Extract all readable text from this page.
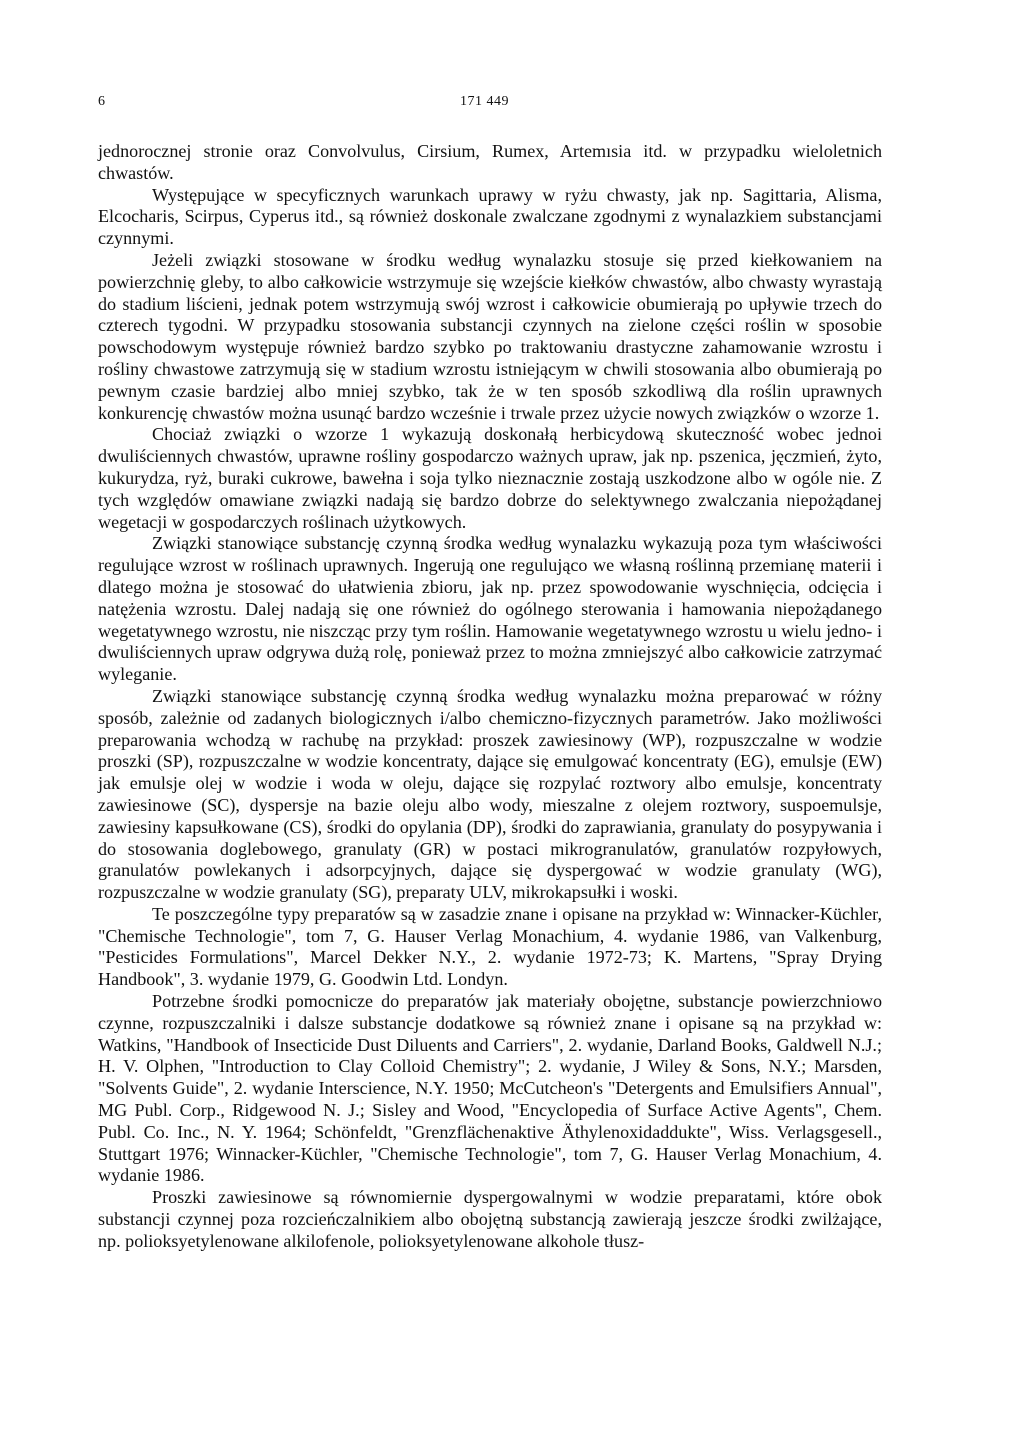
6	171 449

jednorocznej stronie oraz Convolvulus, Cirsium, Rumex, Artemısia itd. w przypadku wieloletnich chwastów.

Występujące w specyficznych warunkach uprawy w ryżu chwasty, jak np. Sagittaria, Alisma, Elcocharis, Scirpus, Cyperus itd., są również doskonale zwalczane zgodnymi z wynalazkiem substancjami czynnymi.

Jeżeli związki stosowane w środku według wynalazku stosuje się przed kiełkowaniem na powierzchnię gleby, to albo całkowicie wstrzymuje się wzejście kiełków chwastów, albo chwasty wyrastają do stadium liścieni, jednak potem wstrzymują swój wzrost i całkowicie obumierają po upływie trzech do czterech tygodni. W przypadku stosowania substancji czynnych na zielone części roślin w sposobie powschodowym występuje również bardzo szybko po traktowaniu drastyczne zahamowanie wzrostu i rośliny chwastowe zatrzymują się w stadium wzrostu istniejącym w chwili stosowania albo obumierają po pewnym czasie bardziej albo mniej szybko, tak że w ten sposób szkodliwą dla roślin uprawnych konkurencję chwastów można usunąć bardzo wcześnie i trwale przez użycie nowych związków o wzorze 1.

Chociaż związki o wzorze 1 wykazują doskonałą herbicydową skuteczność wobec jednoi dwuliściennych chwastów, uprawne rośliny gospodarczo ważnych upraw, jak np. pszenica, jęczmień, żyto, kukurydza, ryż, buraki cukrowe, bawełna i soja tylko nieznacznie zostają uszkodzone albo w ogóle nie. Z tych względów omawiane związki nadają się bardzo dobrze do selektywnego zwalczania niepożądanej wegetacji w gospodarczych roślinach użytkowych.

Związki stanowiące substancję czynną środka według wynalazku wykazują poza tym właściwości regulujące wzrost w roślinach uprawnych. Ingerują one regulująco we własną roślinną przemianę materii i dlatego można je stosować do ułatwienia zbioru, jak np. przez spowodowanie wyschnięcia, odcięcia i natężenia wzrostu. Dalej nadają się one również do ogólnego sterowania i hamowania niepożądanego wegetatywnego wzrostu, nie niszcząc przy tym roślin. Hamowanie wegetatywnego wzrostu u wielu jedno- i dwuliściennych upraw odgrywa dużą rolę, ponieważ przez to można zmniejszyć albo całkowicie zatrzymać wyleganie.

Związki stanowiące substancję czynną środka według wynalazku można preparować w różny sposób, zależnie od zadanych biologicznych i/albo chemiczno-fizycznych parametrów. Jako możliwości preparowania wchodzą w rachubę na przykład: proszek zawiesinowy (WP), rozpuszczalne w wodzie proszki (SP), rozpuszczalne w wodzie koncentraty, dające się emulgować koncentraty (EG), emulsje (EW) jak emulsje olej w wodzie i woda w oleju, dające się rozpylać roztwory albo emulsje, koncentraty zawiesinowe (SC), dyspersje na bazie oleju albo wody, mieszalne z olejem roztwory, suspoemulsje, zawiesiny kapsułkowane (CS), środki do opylania (DP), środki do zaprawiania, granulaty do posypywania i do stosowania doglebowego, granulaty (GR) w postaci mikrogranulatów, granulatów rozpyłowych, granulatów powlekanych i adsorpcyjnych, dające się dyspergować w wodzie granulaty (WG), rozpuszczalne w wodzie granulaty (SG), preparaty ULV, mikrokapsułki i woski.

Te poszczególne typy preparatów są w zasadzie znane i opisane na przykład w: Winnacker-Küchler, "Chemische Technologie", tom 7, G. Hauser Verlag Monachium, 4. wydanie 1986, van Valkenburg, "Pesticides Formulations", Marcel Dekker N.Y., 2. wydanie 1972-73; K. Martens, "Spray Drying Handbook", 3. wydanie 1979, G. Goodwin Ltd. Londyn.

Potrzebne środki pomocnicze do preparatów jak materiały obojętne, substancje powierzchniowo czynne, rozpuszczalniki i dalsze substancje dodatkowe są również znane i opisane są na przykład w: Watkins, "Handbook of Insecticide Dust Diluents and Carriers", 2. wydanie, Darland Books, Galdwell N.J.; H. V. Olphen, "Introduction to Clay Colloid Chemistry"; 2. wydanie, J Wiley & Sons, N.Y.; Marsden, "Solvents Guide", 2. wydanie Interscience, N.Y. 1950; McCutcheon's "Detergents and Emulsifiers Annual", MG Publ. Corp., Ridgewood N. J.; Sisley and Wood, "Encyclopedia of Surface Active Agents", Chem. Publ. Co. Inc., N. Y. 1964; Schönfeldt, "Grenzflächenaktive Äthylenoxidaddukte", Wiss. Verlagsgesell., Stuttgart 1976; Winnacker-Küchler, "Chemische Technologie", tom 7, G. Hauser Verlag Monachium, 4. wydanie 1986.

Proszki zawiesinowe są równomiernie dyspergowalnymi w wodzie preparatami, które obok substancji czynnej poza rozcieńczalnikiem albo obojętną substancją zawierają jeszcze środki zwilżające, np. polioksyetylenowane alkilofenole, polioksyetylenowane alkohole tłusz-
